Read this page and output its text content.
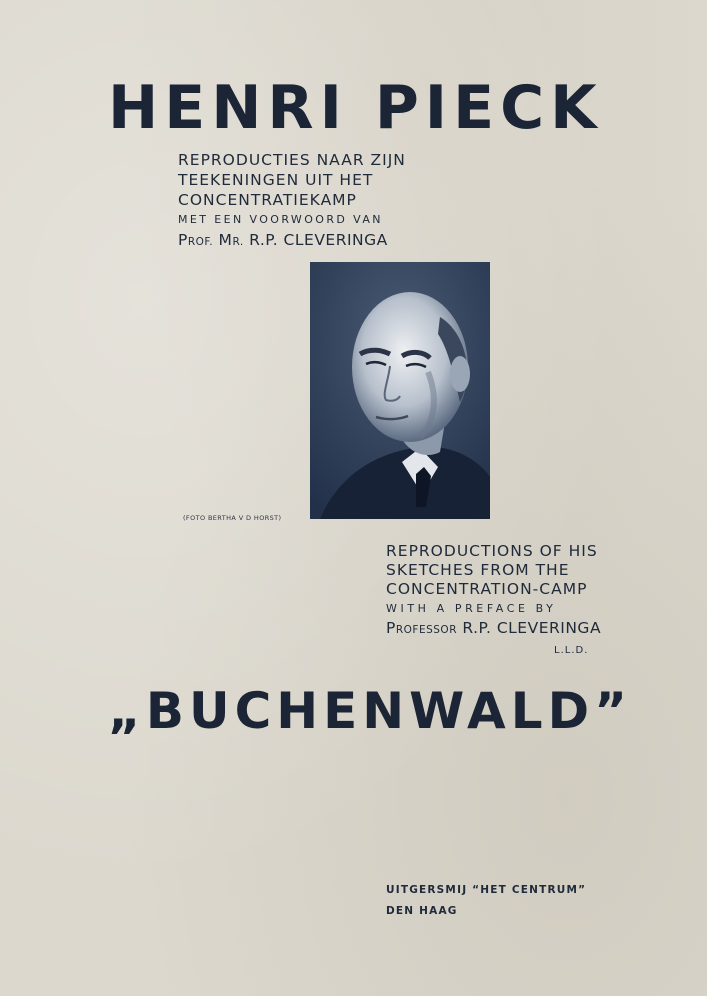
HENRI PIECK
REPRODUCTIES NAAR ZIJN
TEEKENINGEN UIT HET
CONCENTRATIEKAMP
MET EEN VOORWOORD VAN
PROF. MR. R.P. CLEVERINGA
(FOTO BERTHA V D HORST)
REPRODUCTIONS OF HIS
SKETCHES FROM THE
CONCENTRATION-CAMP
WITH A PREFACE BY
PROFESSOR R.P. CLEVERINGA
L.L.D.
„BUCHENWALD”
UITGERSMIJ “HET CENTRUM”
DEN HAAG
